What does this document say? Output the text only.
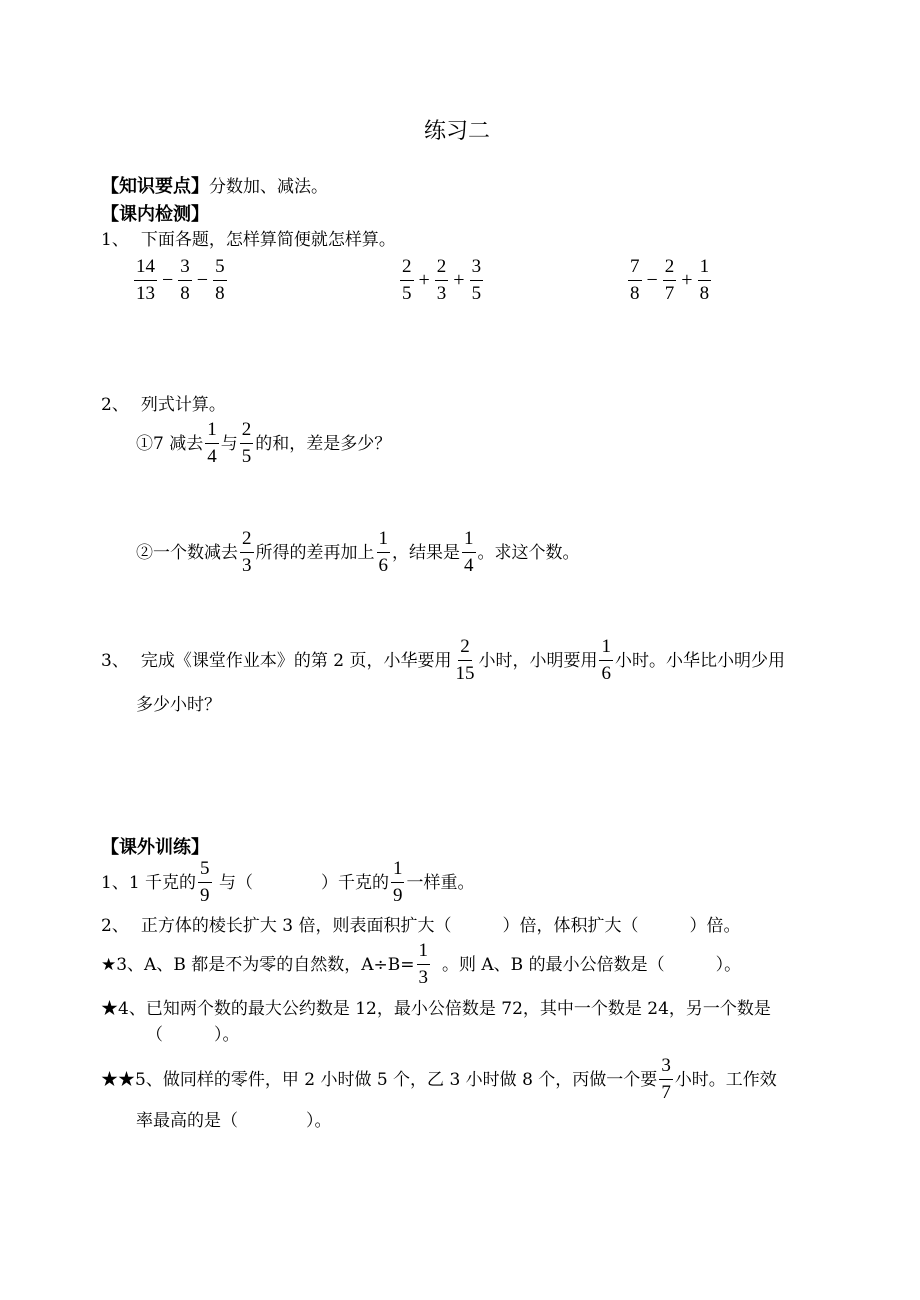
练习二
【知识要点】分数加、减法。
【课内检测】
1、 下面各题，怎样算简便就怎样算。
$\frac{14}{13} - \frac{3}{8} - \frac{5}{8}$	$\frac{2}{5} + \frac{2}{3} + \frac{3}{5}$	$\frac{7}{8} - \frac{2}{7} + \frac{1}{8}$
2、 列式计算。
①7 减去 $\frac{1}{4}$ 与 $\frac{2}{5}$ 的和，差是多少？
②一个数减去 $\frac{2}{3}$ 所得的差再加上 $\frac{1}{6}$ ，结果是 $\frac{1}{4}$ 。求这个数。
3、 完成《课堂作业本》的第 2 页，小华要用 $\frac{2}{15}$ 小时，小明要用 $\frac{1}{6}$ 小时。小华比小明少用
多少小时？
【课外训练】
1、1 千克的 $\frac{5}{9}$ 与（　　　　）千克的 $\frac{1}{9}$ 一样重。
2、 正方体的棱长扩大 3 倍，则表面积扩大（　　　）倍，体积扩大（　　　）倍。
★3、A、B 都是不为零的自然数，$A\div B= \frac{1}{3}$ 。则 A、B 的最小公倍数是（　　　）。
★4、已知两个数的最大公约数是 12，最小公倍数是 72，其中一个数是 24，另一个数是
（　　　）。
★★5、做同样的零件，甲 2 小时做 5 个，乙 3 小时做 8 个，丙做一个要 $\frac{3}{7}$ 小时。工作效
率最高的是（　　　　）。
